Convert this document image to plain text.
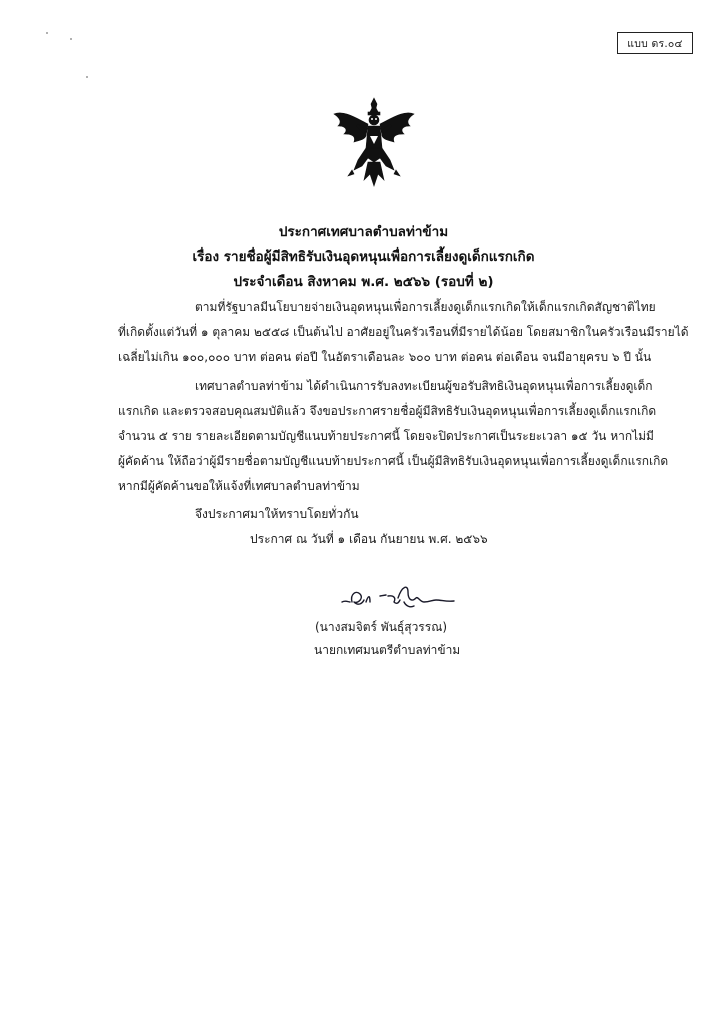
แบบ ดร.๐๔
ประกาศเทศบาลตำบลท่าข้าม
เรื่อง รายชื่อผู้มีสิทธิรับเงินอุดหนุนเพื่อการเลี้ยงดูเด็กแรกเกิด
ประจำเดือน สิงหาคม พ.ศ. ๒๕๖๖ (รอบที่ ๒)
ตามที่รัฐบาลมีนโยบายจ่ายเงินอุดหนุนเพื่อการเลี้ยงดูเด็กแรกเกิดให้เด็กแรกเกิดสัญชาติไทย
ที่เกิดตั้งแต่วันที่ ๑ ตุลาคม ๒๕๕๘ เป็นต้นไป อาศัยอยู่ในครัวเรือนที่มีรายได้น้อย โดยสมาชิกในครัวเรือนมีรายได้
เฉลี่ยไม่เกิน ๑๐๐,๐๐๐ บาท ต่อคน ต่อปี ในอัตราเดือนละ ๖๐๐ บาท ต่อคน ต่อเดือน จนมีอายุครบ ๖ ปี นั้น
เทศบาลตำบลท่าข้าม ได้ดำเนินการรับลงทะเบียนผู้ขอรับสิทธิเงินอุดหนุนเพื่อการเลี้ยงดูเด็ก
แรกเกิด และตรวจสอบคุณสมบัติแล้ว จึงขอประกาศรายชื่อผู้มีสิทธิรับเงินอุดหนุนเพื่อการเลี้ยงดูเด็กแรกเกิด
จำนวน ๕ ราย รายละเอียดตามบัญชีแนบท้ายประกาศนี้ โดยจะปิดประกาศเป็นระยะเวลา ๑๕ วัน หากไม่มี
ผู้คัดค้าน ให้ถือว่าผู้มีรายชื่อตามบัญชีแนบท้ายประกาศนี้ เป็นผู้มีสิทธิรับเงินอุดหนุนเพื่อการเลี้ยงดูเด็กแรกเกิด
หากมีผู้คัดค้านขอให้แจ้งที่เทศบาลตำบลท่าข้าม
จึงประกาศมาให้ทราบโดยทั่วกัน
ประกาศ ณ วันที่ ๑ เดือน กันยายน พ.ศ. ๒๕๖๖
(นางสมจิตร์ พันธุ์สุวรรณ)
นายกเทศมนตรีตำบลท่าข้าม
